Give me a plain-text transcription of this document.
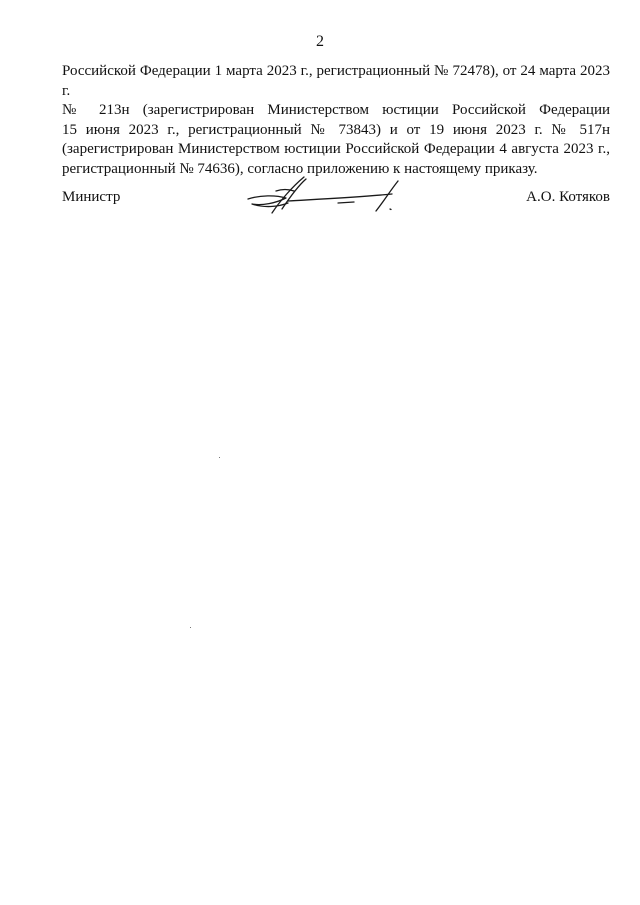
2
Российской Федерации 1 марта 2023 г., регистрационный № 72478), от 24 марта 2023 г.
№ 213н (зарегистрирован Министерством юстиции Российской Федерации
15 июня 2023 г., регистрационный № 73843) и от 19 июня 2023 г. № 517н
(зарегистрирован Министерством юстиции Российской Федерации 4 августа 2023 г.,
регистрационный № 74636), согласно приложению к настоящему приказу.
Министр	А.О. Котяков
